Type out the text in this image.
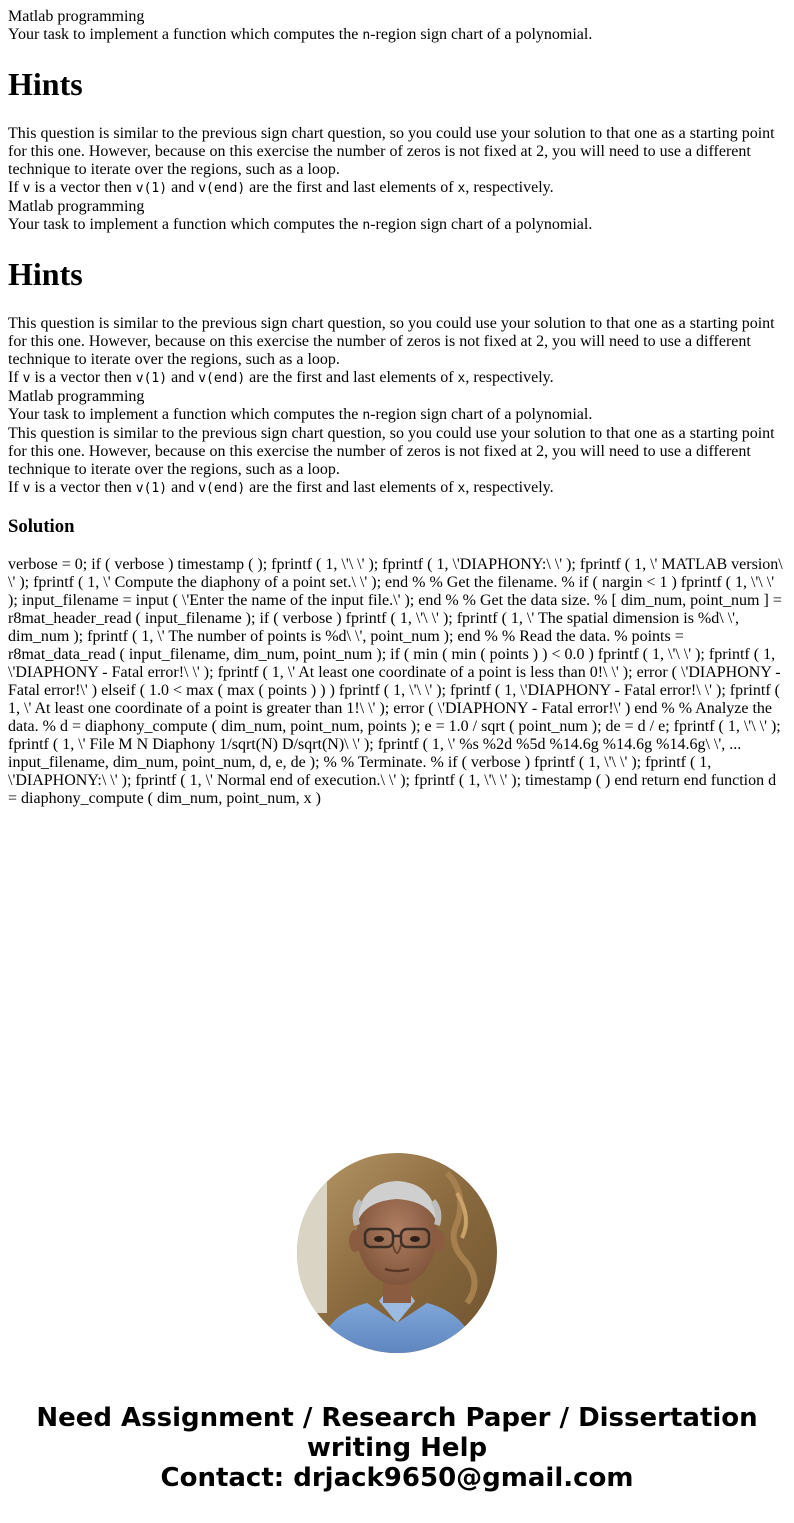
Matlab programming

Your task to implement a function which computes the n-region sign chart of a polynomial.

Hints

This question is similar to the previous sign chart question, so you could use your solution to that one as a starting point for this one. However, because on this exercise the number of zeros is not fixed at 2, you will need to use a different technique to iterate over the regions, such as a loop.

If v is a vector then v(1) and v(end) are the first and last elements of x, respectively.

Matlab programming

Your task to implement a function which computes the n-region sign chart of a polynomial.

Hints

This question is similar to the previous sign chart question, so you could use your solution to that one as a starting point for this one. However, because on this exercise the number of zeros is not fixed at 2, you will need to use a different technique to iterate over the regions, such as a loop.

If v is a vector then v(1) and v(end) are the first and last elements of x, respectively.

Matlab programming

Your task to implement a function which computes the n-region sign chart of a polynomial.

This question is similar to the previous sign chart question, so you could use your solution to that one as a starting point for this one. However, because on this exercise the number of zeros is not fixed at 2, you will need to use a different technique to iterate over the regions, such as a loop.

If v is a vector then v(1) and v(end) are the first and last elements of x, respectively.

Solution

verbose = 0; if ( verbose ) timestamp ( ); fprintf ( 1, \'\ \' ); fprintf ( 1, \'DIAPHONY:\ \' ); fprintf ( 1, \' MATLAB version\ \' ); fprintf ( 1, \' Compute the diaphony of a point set.\ \' ); end % % Get the filename. % if ( nargin < 1 ) fprintf ( 1, \'\ \' ); input_filename = input ( \'Enter the name of the input file.\' ); end % % Get the data size. % [ dim_num, point_num ] = r8mat_header_read ( input_filename ); if ( verbose ) fprintf ( 1, \'\ \' ); fprintf ( 1, \' The spatial dimension is %d\ \', dim_num ); fprintf ( 1, \' The number of points is %d\ \', point_num ); end % % Read the data. % points = r8mat_data_read ( input_filename, dim_num, point_num ); if ( min ( min ( points ) ) < 0.0 ) fprintf ( 1, \'\ \' ); fprintf ( 1, \'DIAPHONY - Fatal error!\ \' ); fprintf ( 1, \' At least one coordinate of a point is less than 0!\ \' ); error ( \'DIAPHONY - Fatal error!\' ) elseif ( 1.0 < max ( max ( points ) ) ) fprintf ( 1, \'\ \' ); fprintf ( 1, \'DIAPHONY - Fatal error!\ \' ); fprintf ( 1, \' At least one coordinate of a point is greater than 1!\ \' ); error ( \'DIAPHONY - Fatal error!\' ) end % % Analyze the data. % d = diaphony_compute ( dim_num, point_num, points ); e = 1.0 / sqrt ( point_num ); de = d / e; fprintf ( 1, \'\ \' ); fprintf ( 1, \' File M N Diaphony 1/sqrt(N) D/sqrt(N)\ \' ); fprintf ( 1, \' %s %2d %5d %14.6g %14.6g %14.6g\ \', ... input_filename, dim_num, point_num, d, e, de ); % % Terminate. % if ( verbose ) fprintf ( 1, \'\ \' ); fprintf ( 1, \'DIAPHONY:\ \' ); fprintf ( 1, \' Normal end of execution.\ \' ); fprintf ( 1, \'\ \' ); timestamp ( ) end return end function d = diaphony_compute ( dim_num, point_num, x )

Need Assignment / Research Paper / Dissertation
writing Help
Contact: drjack9650@gmail.com
